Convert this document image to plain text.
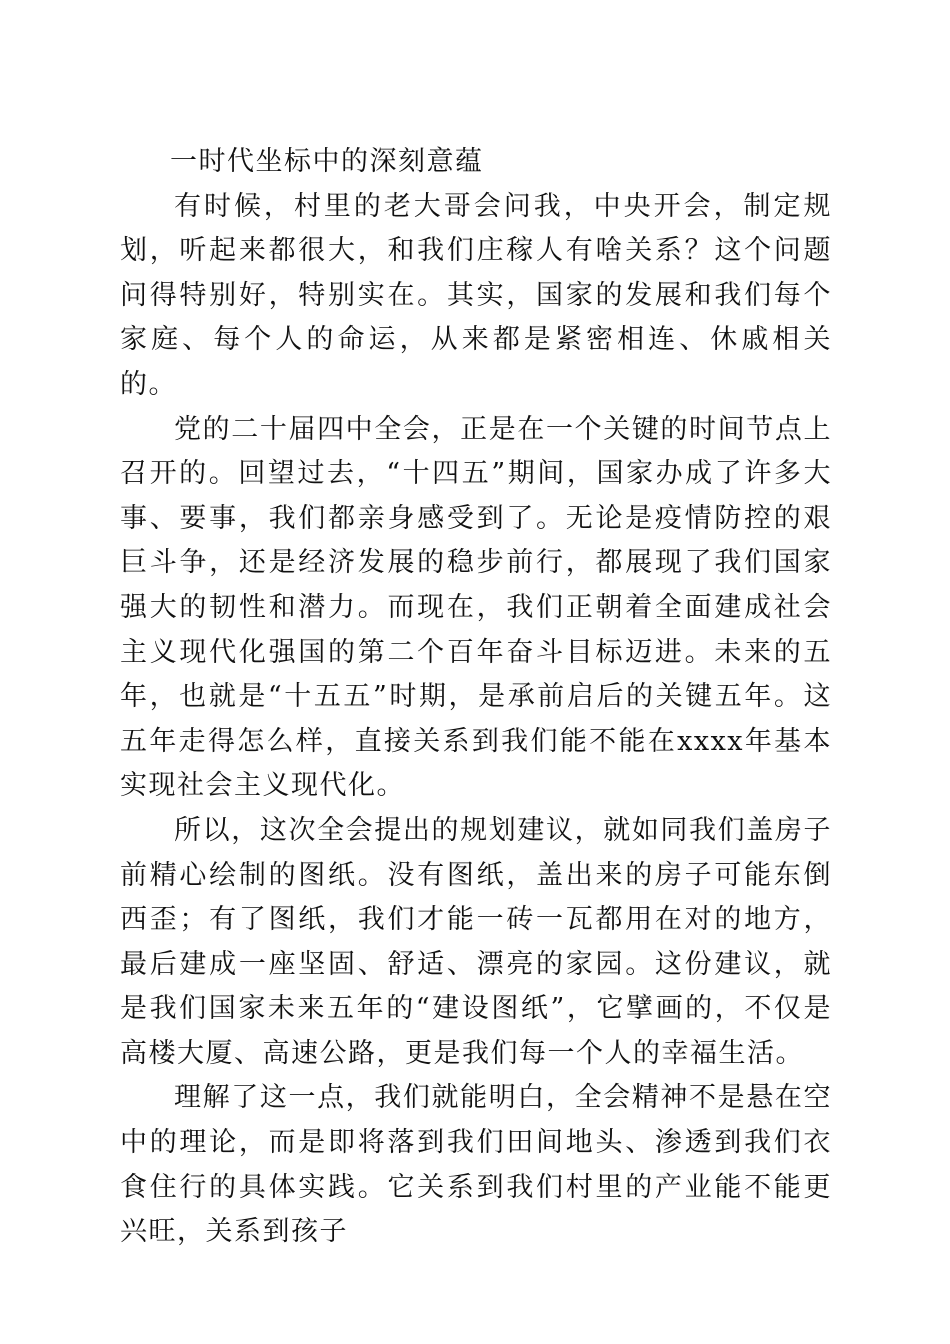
一时代坐标中的深刻意蕴

有时候，村里的老大哥会问我，中央开会，制定规划，听起来都很大，和我们庄稼人有啥关系？这个问题问得特别好，特别实在。其实，国家的发展和我们每个家庭、每个人的命运，从来都是紧密相连、休戚相关的。

党的二十届四中全会，正是在一个关键的时间节点上召开的。回望过去，“十四五”期间，国家办成了许多大事、要事，我们都亲身感受到了。无论是疫情防控的艰巨斗争，还是经济发展的稳步前行，都展现了我们国家强大的韧性和潜力。而现在，我们正朝着全面建成社会主义现代化强国的第二个百年奋斗目标迈进。未来的五年，也就是“十五五”时期，是承前启后的关键五年。这五年走得怎么样，直接关系到我们能不能在xxxx年基本实现社会主义现代化。

所以，这次全会提出的规划建议，就如同我们盖房子前精心绘制的图纸。没有图纸，盖出来的房子可能东倒西歪；有了图纸，我们才能一砖一瓦都用在对的地方，最后建成一座坚固、舒适、漂亮的家园。这份建议，就是我们国家未来五年的“建设图纸”，它擘画的，不仅是高楼大厦、高速公路，更是我们每一个人的幸福生活。

理解了这一点，我们就能明白，全会精神不是悬在空中的理论，而是即将落到我们田间地头、渗透到我们衣食住行的具体实践。它关系到我们村里的产业能不能更兴旺，关系到孩子
